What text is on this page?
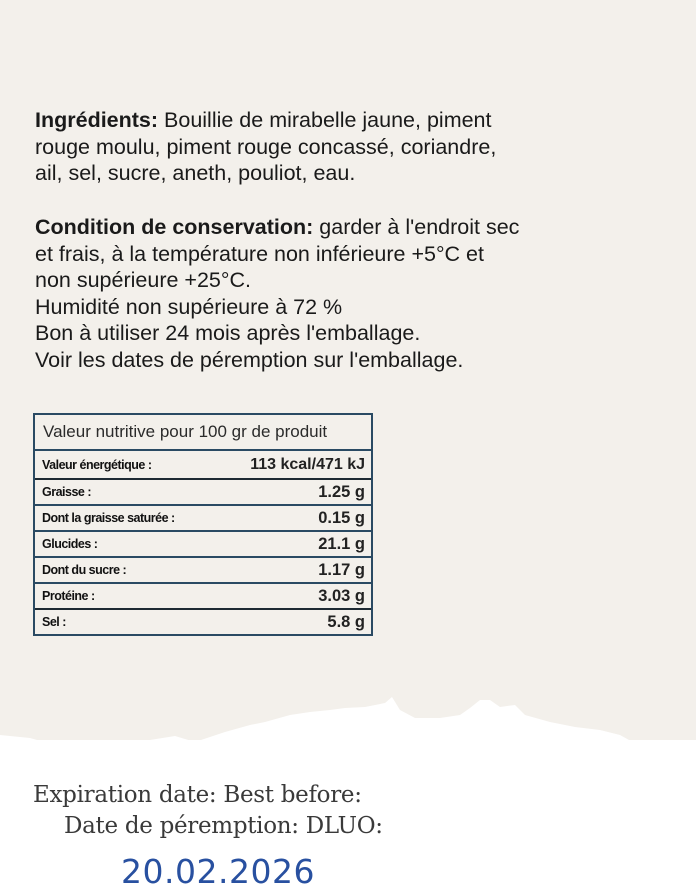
Ingrédients: Bouillie de mirabelle jaune, piment
rouge moulu, piment rouge concassé, coriandre,
ail, sel, sucre, aneth, pouliot, eau.

Condition de conservation: garder à l'endroit sec
et frais, à la température non inférieure +5°C et
non supérieure +25°C.
Humidité non supérieure à 72 %
Bon à utiliser 24 mois après l'emballage.
Voir les dates de péremption sur l'emballage.

Valeur nutritive pour 100 gr de produit
Valeur énergétique :	113 kcal/471 kJ
Graisse :	1.25 g
Dont la graisse saturée :	0.15 g
Glucides :	21.1 g
Dont du sucre :	1.17 g
Protéine :	3.03 g
Sel :	5.8 g
Expiration date: Best before:
Date de péremption: DLUO:
20.02.2026
